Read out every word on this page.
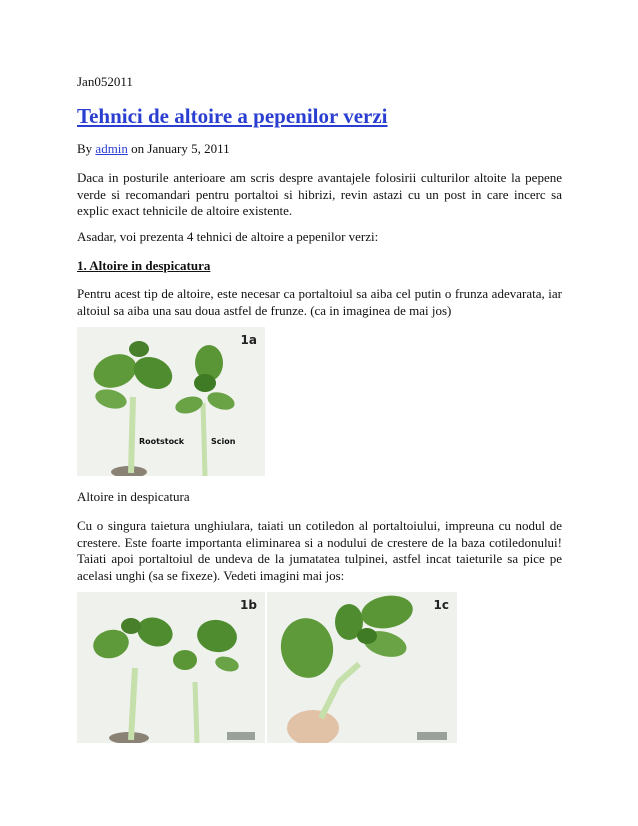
Jan052011
Tehnici de altoire a pepenilor verzi
By admin on January 5, 2011
Daca in posturile anterioare am scris despre avantajele folosirii culturilor altoite la pepene verde si recomandari pentru portaltoi si hibrizi, revin astazi cu un post in care incerc sa explic exact tehnicile de altoire existente.
Asadar, voi prezenta 4 tehnici de altoire a pepenilor verzi:
1. Altoire in despicatura
Pentru acest tip de altoire, este necesar ca portaltoiul sa aiba cel putin o frunza adevarata, iar altoiul sa aiba una sau doua astfel de frunze. (ca in imaginea de mai jos)
1a
Rootstock	Scion
Altoire in despicatura
Cu o singura taietura unghiulara, taiati un cotiledon al portaltoiului, impreuna cu nodul de crestere. Este foarte importanta eliminarea si a nodului de crestere de la baza cotiledonului! Taiati apoi portaltoiul de undeva de la jumatatea tulpinei, astfel incat taieturile sa pice pe acelasi unghi (sa se fixeze). Vedeti imagini mai jos:
1b	1c
